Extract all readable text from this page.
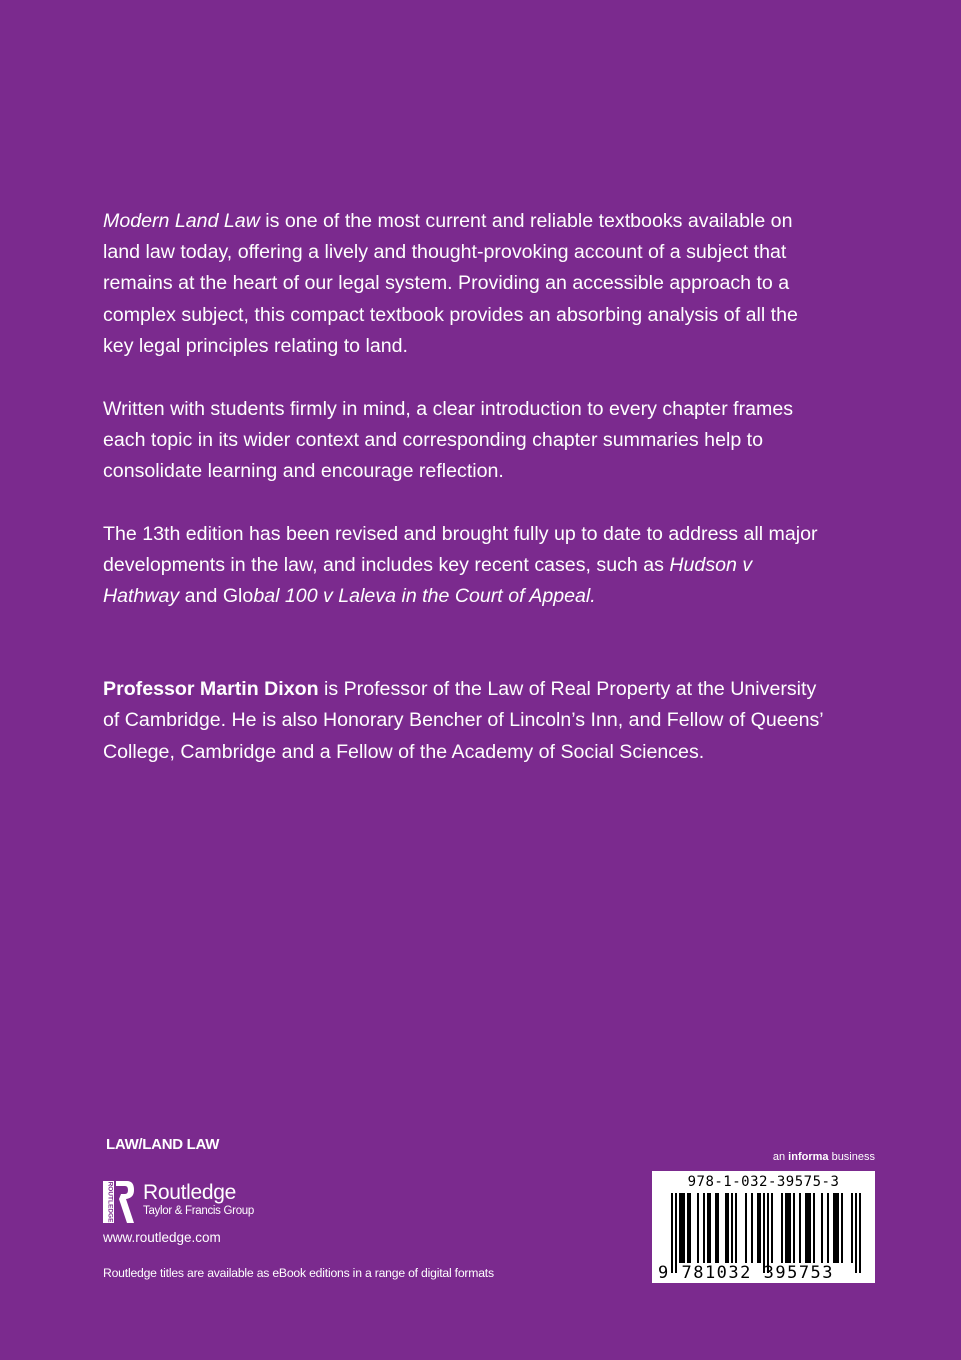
Modern Land Law is one of the most current and reliable textbooks available on land law today, offering a lively and thought-provoking account of a subject that remains at the heart of our legal system. Providing an accessible approach to a complex subject, this compact textbook provides an absorbing analysis of all the key legal principles relating to land.

Written with students firmly in mind, a clear introduction to every chapter frames each topic in its wider context and corresponding chapter summaries help to consolidate learning and encourage reflection.

The 13th edition has been revised and brought fully up to date to address all major developments in the law, and includes key recent cases, such as Hudson v Hathway and Global 100 v Laleva in the Court of Appeal.

Professor Martin Dixon is Professor of the Law of Real Property at the University of Cambridge. He is also Honorary Bencher of Lincoln’s Inn, and Fellow of Queens’ College, Cambridge and a Fellow of the Academy of Social Sciences.

LAW/LAND LAW
ROUTLEDGE Routledge
Taylor & Francis Group
www.routledge.com
Routledge titles are available as eBook editions in a range of digital formats
an informa business
978-1-032-39575-3
9 781032 395753
